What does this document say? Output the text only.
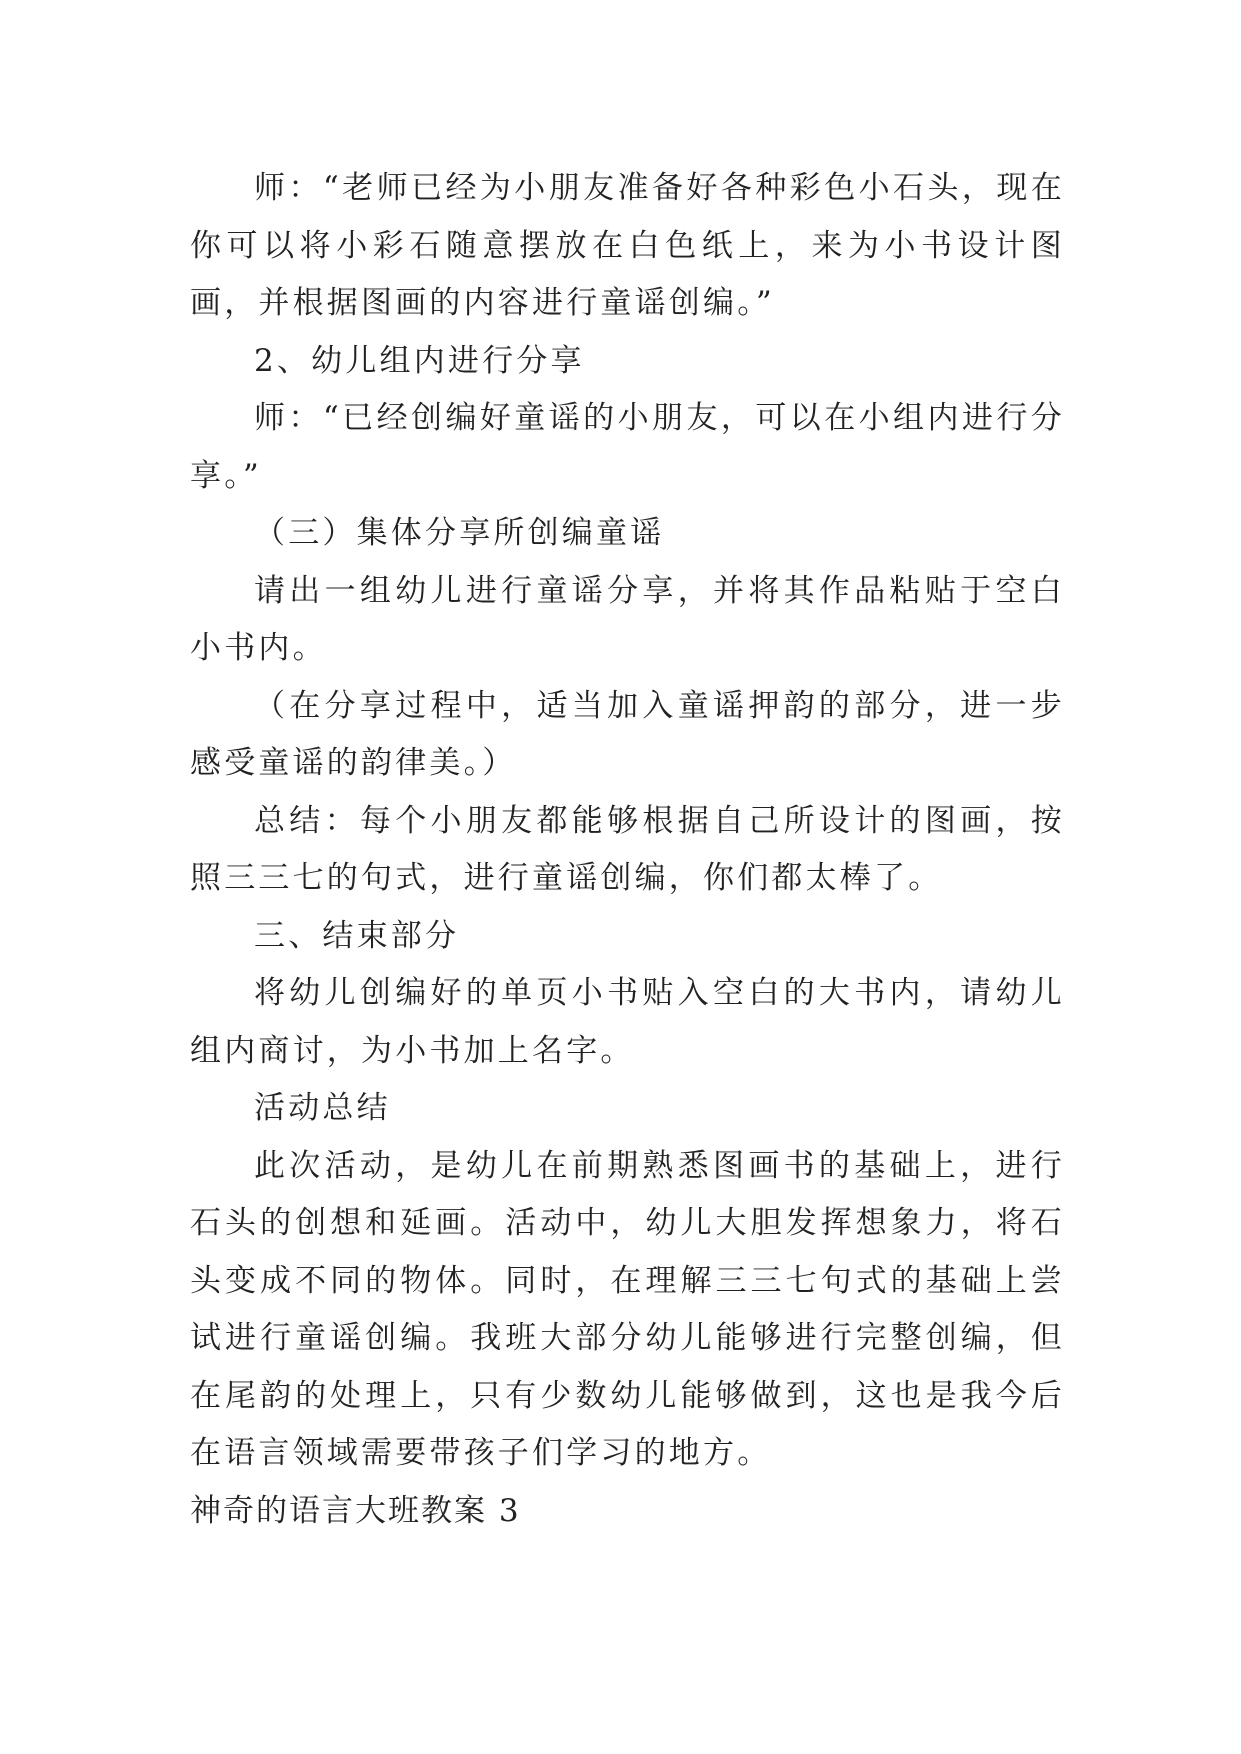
师：“老师已经为小朋友准备好各种彩色小石头，现在你可以将小彩石随意摆放在白色纸上，来为小书设计图画，并根据图画的内容进行童谣创编。”

2、幼儿组内进行分享

师：“已经创编好童谣的小朋友，可以在小组内进行分享。”

（三）集体分享所创编童谣

请出一组幼儿进行童谣分享，并将其作品粘贴于空白小书内。

（在分享过程中，适当加入童谣押韵的部分，进一步感受童谣的韵律美。）

总结：每个小朋友都能够根据自己所设计的图画，按照三三七的句式，进行童谣创编，你们都太棒了。

三、结束部分

将幼儿创编好的单页小书贴入空白的大书内，请幼儿组内商讨，为小书加上名字。

活动总结

此次活动，是幼儿在前期熟悉图画书的基础上，进行石头的创想和延画。活动中，幼儿大胆发挥想象力，将石头变成不同的物体。同时，在理解三三七句式的基础上尝试进行童谣创编。我班大部分幼儿能够进行完整创编，但在尾韵的处理上，只有少数幼儿能够做到，这也是我今后在语言领域需要带孩子们学习的地方。

神奇的语言大班教案 3
